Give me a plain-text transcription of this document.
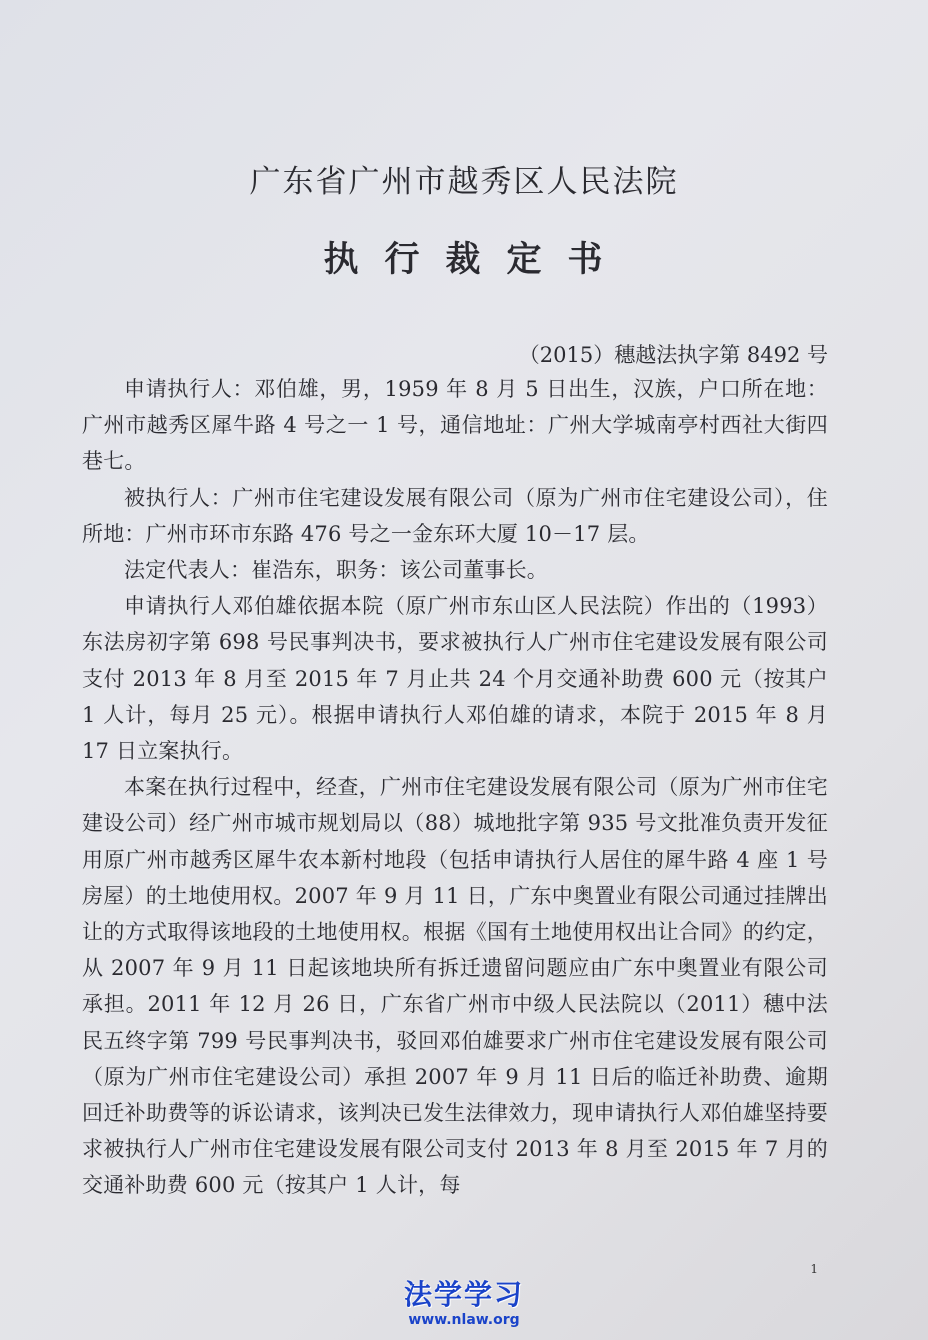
广东省广州市越秀区人民法院
执行裁定书
（2015）穗越法执字第 8492 号

申请执行人：邓伯雄，男，1959 年 8 月 5 日出生，汉族，户口所在地：广州市越秀区犀牛路 4 号之一 1 号，通信地址：广州大学城南亭村西社大街四巷七。

被执行人：广州市住宅建设发展有限公司（原为广州市住宅建设公司），住所地：广州市环市东路 476 号之一金东环大厦 10－17 层。

法定代表人：崔浩东，职务：该公司董事长。

申请执行人邓伯雄依据本院（原广州市东山区人民法院）作出的（1993）东法房初字第 698 号民事判决书，要求被执行人广州市住宅建设发展有限公司支付 2013 年 8 月至 2015 年 7 月止共 24 个月交通补助费 600 元（按其户 1 人计，每月 25 元）。根据申请执行人邓伯雄的请求，本院于 2015 年 8 月 17 日立案执行。

本案在执行过程中，经查，广州市住宅建设发展有限公司（原为广州市住宅建设公司）经广州市城市规划局以（88）城地批字第 935 号文批准负责开发征用原广州市越秀区犀牛农本新村地段（包括申请执行人居住的犀牛路 4 座 1 号房屋）的土地使用权。2007 年 9 月 11 日，广东中奥置业有限公司通过挂牌出让的方式取得该地段的土地使用权。根据《国有土地使用权出让合同》的约定，从 2007 年 9 月 11 日起该地块所有拆迁遗留问题应由广东中奥置业有限公司承担。2011 年 12 月 26 日，广东省广州市中级人民法院以（2011）穗中法民五终字第 799 号民事判决书，驳回邓伯雄要求广州市住宅建设发展有限公司（原为广州市住宅建设公司）承担 2007 年 9 月 11 日后的临迁补助费、逾期回迁补助费等的诉讼请求，该判决已发生法律效力，现申请执行人邓伯雄坚持要求被执行人广州市住宅建设发展有限公司支付 2013 年 8 月至 2015 年 7 月的交通补助费 600 元（按其户 1 人计，每

1
法学学习
www.nlaw.org
